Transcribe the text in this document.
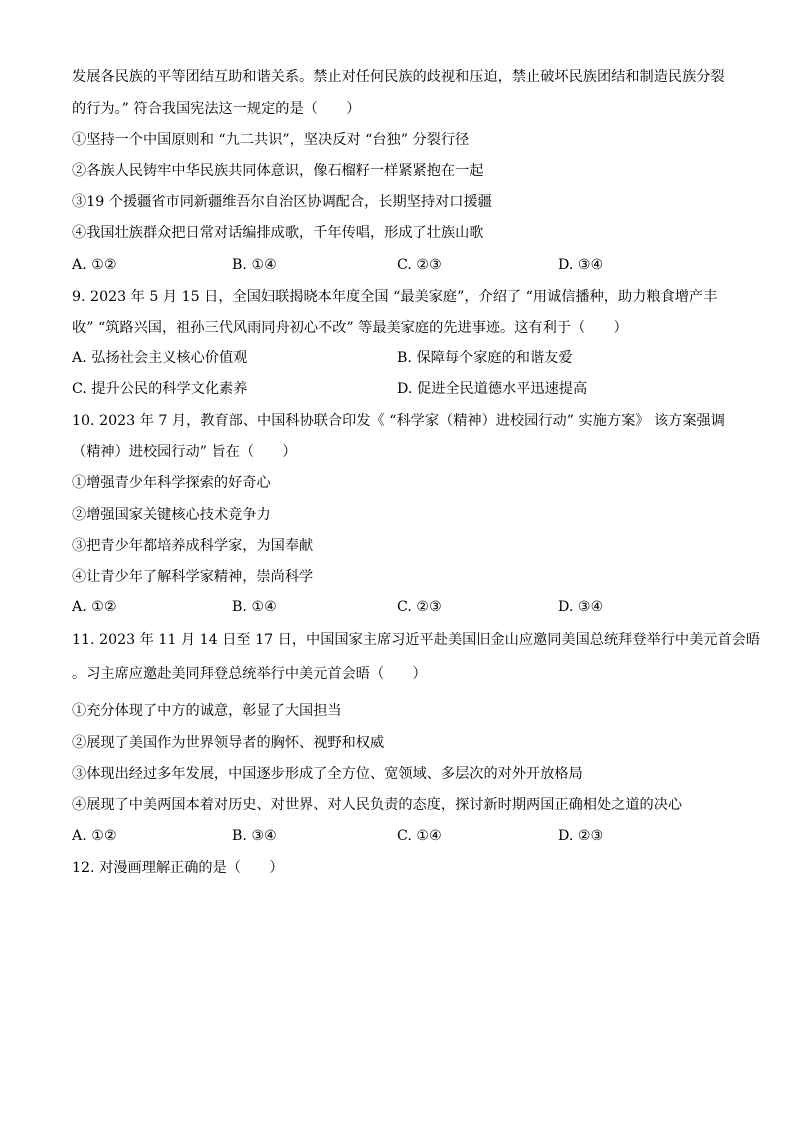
发展各民族的平等团结互助和谐关系。禁止对任何民族的歧视和压迫，禁止破坏民族团结和制造民族分裂
的行为。” 符合我国宪法这一规定的是（　　）
①坚持一个中国原则和 “九二共识”，坚决反对 “台独” 分裂行径
②各族人民铸牢中华民族共同体意识，像石榴籽一样紧紧抱在一起
③19 个援疆省市同新疆维吾尔自治区协调配合，长期坚持对口援疆
④我国壮族群众把日常对话编排成歌，千年传唱，形成了壮族山歌
A. ①②	B. ①④	C. ②③	D. ③④
9. 2023 年 5 月 15 日，全国妇联揭晓本年度全国 “最美家庭”，介绍了 “用诚信播种，助力粮食增产丰
收” “筑路兴国，祖孙三代风雨同舟初心不改” 等最美家庭的先进事迹。这有利于（　　）
A. 弘扬社会主义核心价值观	B. 保障每个家庭的和谐友爱
C. 提升公民的科学文化素养	D. 促进全民道德水平迅速提高
10. 2023 年 7 月，教育部、中国科协联合印发《 “科学家（精神）进校园行动” 实施方案》 该方案强调
（精神）进校园行动” 旨在（　　）
①增强青少年科学探索的好奇心
②增强国家关键核心技术竞争力
③把青少年都培养成科学家，为国奉献
④让青少年了解科学家精神，崇尚科学
A. ①②	B. ①④	C. ②③	D. ③④
11. 2023 年 11 月 14 日至 17 日，中国国家主席习近平赴美国旧金山应邀同美国总统拜登举行中美元首会晤
。习主席应邀赴美同拜登总统举行中美元首会晤（　　）
①充分体现了中方的诚意，彰显了大国担当
②展现了美国作为世界领导者的胸怀、视野和权威
③体现出经过多年发展，中国逐步形成了全方位、宽领域、多层次的对外开放格局
④展现了中美两国本着对历史、对世界、对人民负责的态度，探讨新时期两国正确相处之道的决心
A. ①②	B. ③④	C. ①④	D. ②③
12. 对漫画理解正确的是（　　）
